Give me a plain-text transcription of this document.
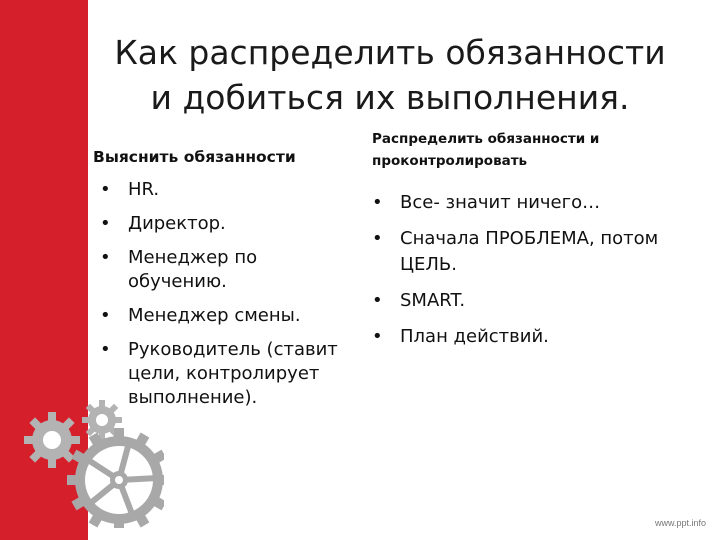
Как распределить обязанности и добиться их выполнения.
Выяснить обязанности
Распределить обязанности и проконтролировать
• HR.
• Директор.
• Менеджер по обучению.
• Менеджер смены.
• Руководитель (ставит цели, контролирует выполнение).
• Все- значит ничего…
• Сначала ПРОБЛЕМА, потом ЦЕЛЬ.
• SMART.
• План действий.
www.ppt.info
